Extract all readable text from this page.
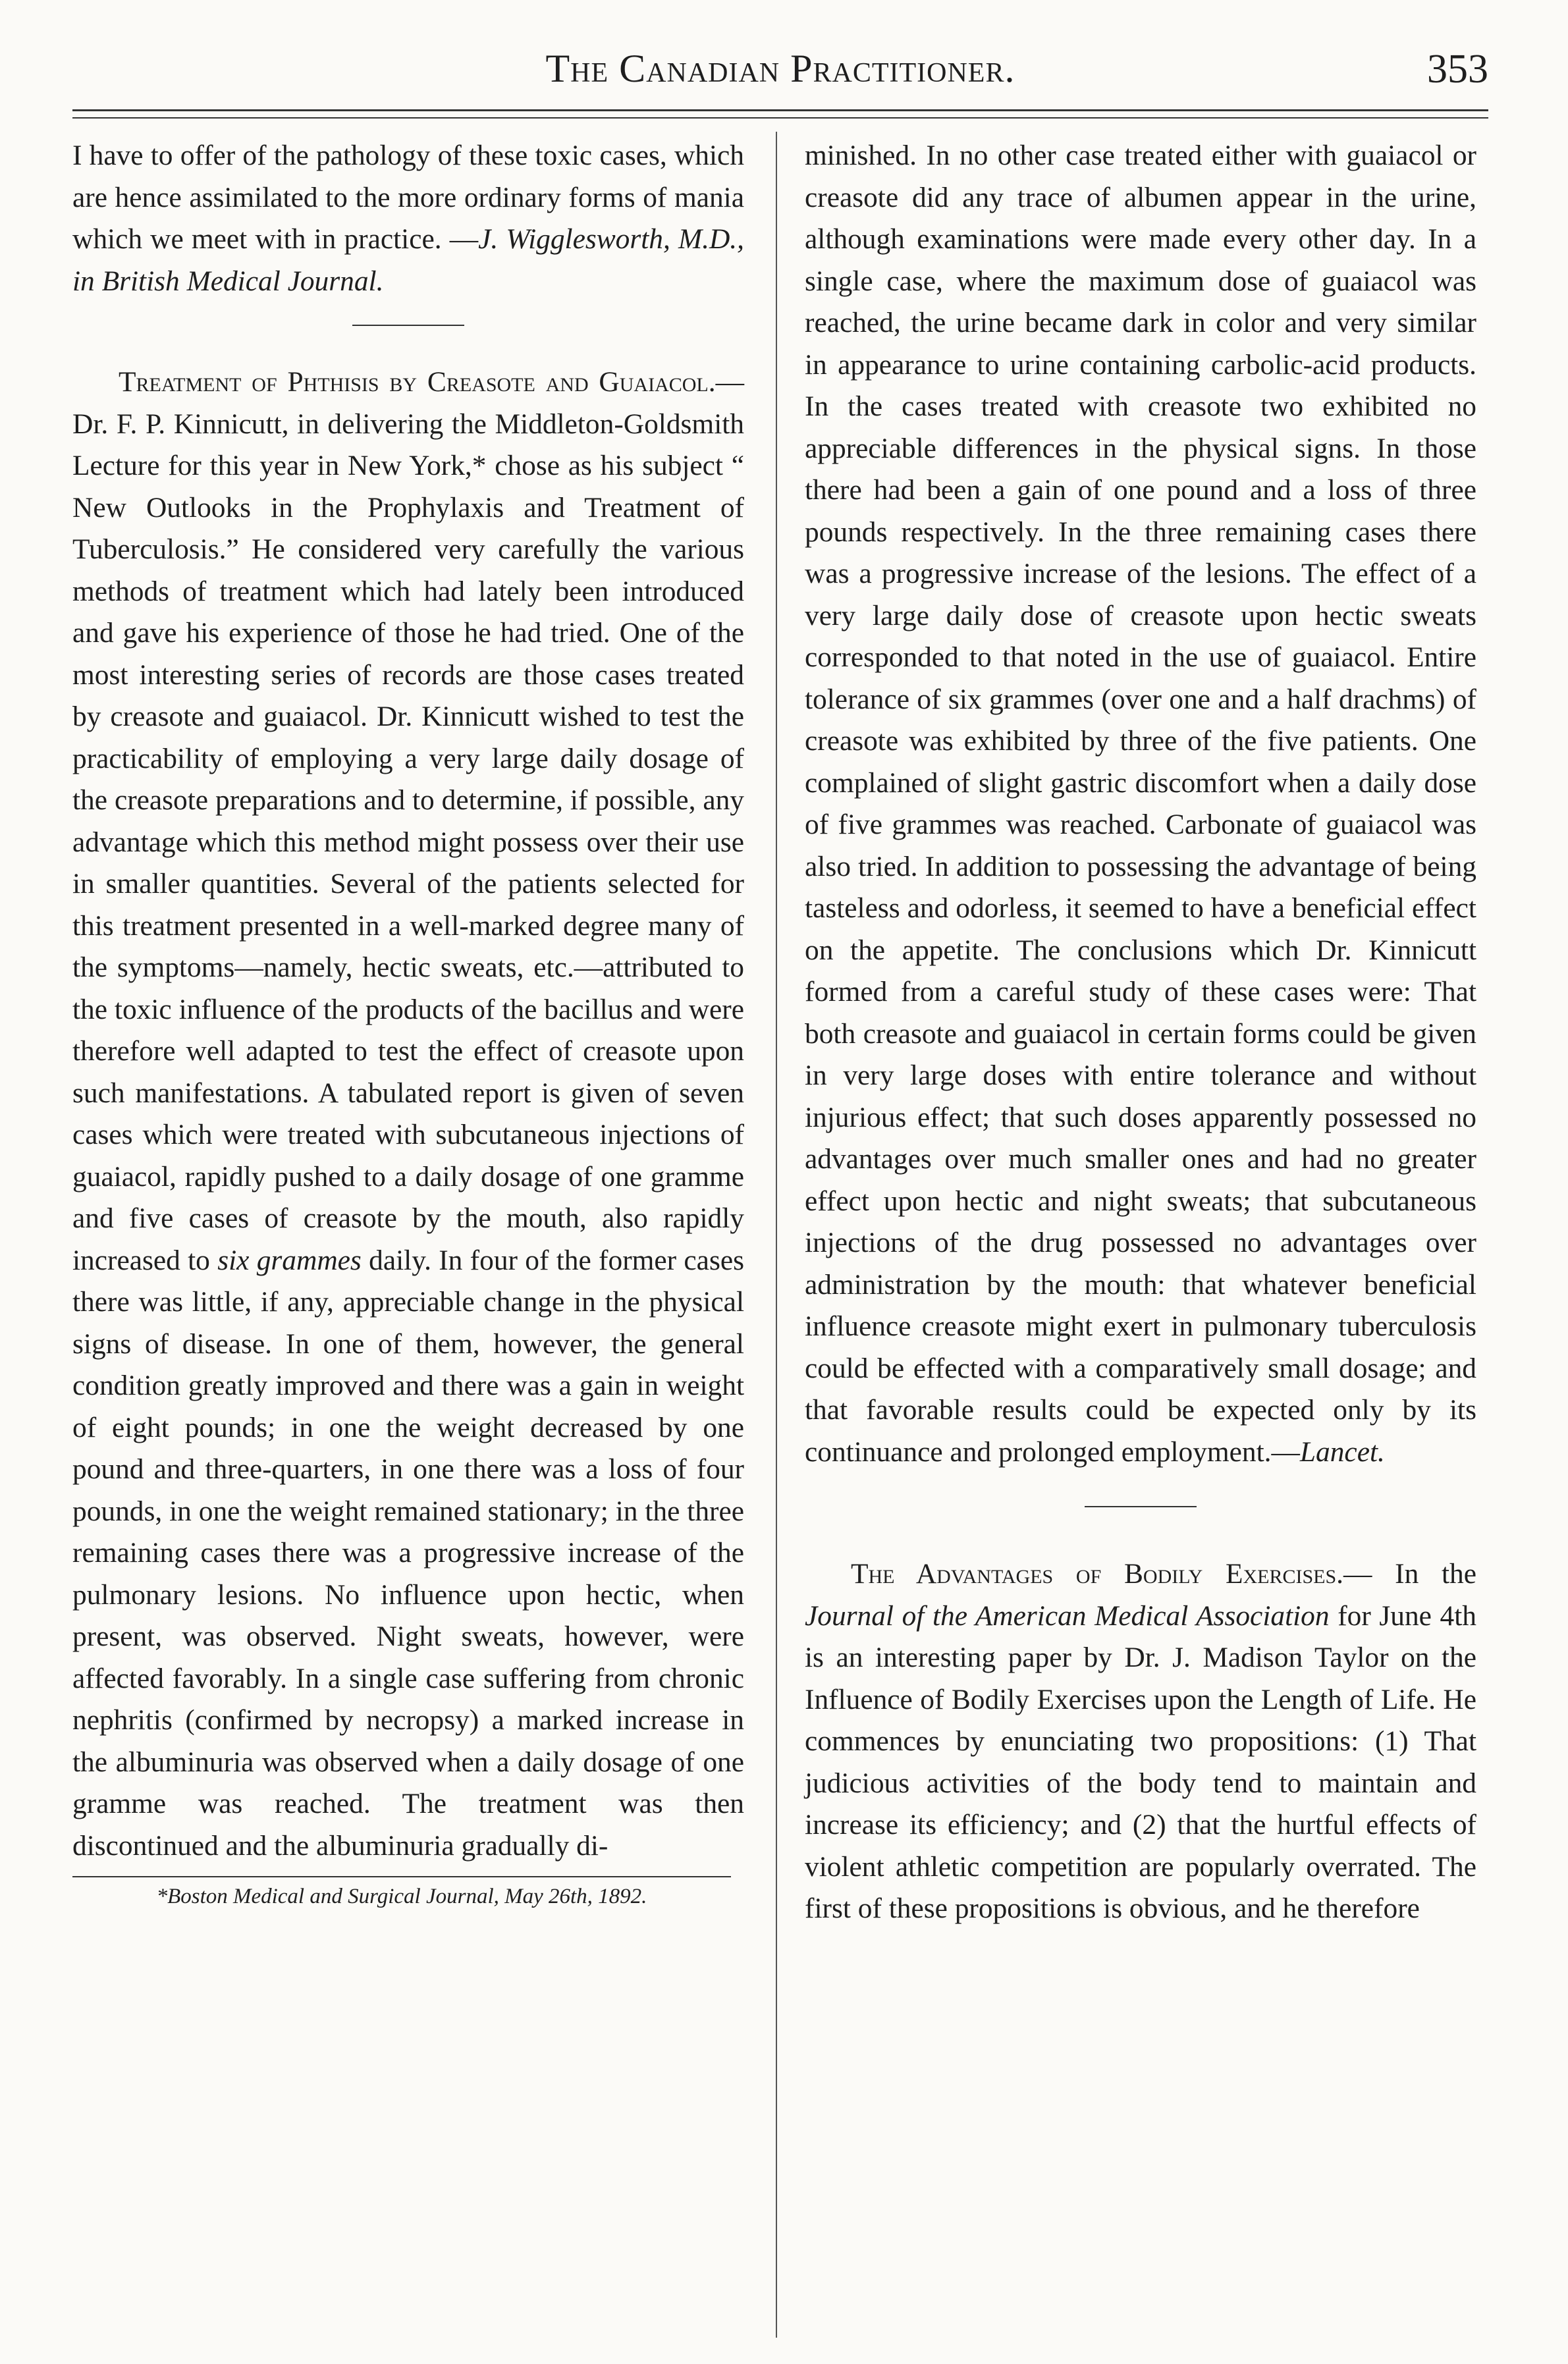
The Canadian Practitioner.	353

I have to offer of the pathology of these toxic cases, which are hence assimilated to the more ordinary forms of mania which we meet with in practice. —J. Wigglesworth, M.D., in British Medical Journal.

Treatment of Phthisis by Creasote and Guaiacol.—Dr. F. P. Kinnicutt, in delivering the Middleton-Goldsmith Lecture for this year in New York,* chose as his subject “ New Outlooks in the Prophylaxis and Treatment of Tuberculosis.” He considered very carefully the various methods of treatment which had lately been introduced and gave his experience of those he had tried. One of the most interesting series of records are those cases treated by creasote and guaiacol. Dr. Kinnicutt wished to test the practicability of employing a very large daily dosage of the creasote preparations and to determine, if possible, any advantage which this method might possess over their use in smaller quantities. Several of the patients selected for this treatment presented in a well-marked degree many of the symptoms—namely, hectic sweats, etc.—attributed to the toxic influence of the products of the bacillus and were therefore well adapted to test the effect of creasote upon such manifestations. A tabulated report is given of seven cases which were treated with subcutaneous injections of guaiacol, rapidly pushed to a daily dosage of one gramme and five cases of creasote by the mouth, also rapidly increased to six grammes daily. In four of the former cases there was little, if any, appreciable change in the physical signs of disease. In one of them, however, the general condition greatly improved and there was a gain in weight of eight pounds; in one the weight decreased by one pound and three-quarters, in one there was a loss of four pounds, in one the weight remained stationary; in the three remaining cases there was a progressive increase of the pulmonary lesions. No influence upon hectic, when present, was observed. Night sweats, however, were affected favorably. In a single case suffering from chronic nephritis (confirmed by necropsy) a marked increase in the albuminuria was observed when a daily dosage of one gramme was reached. The treatment was then discontinued and the albuminuria gradually di-

*Boston Medical and Surgical Journal, May 26th, 1892.

minished. In no other case treated either with guaiacol or creasote did any trace of albumen appear in the urine, although examinations were made every other day. In a single case, where the maximum dose of guaiacol was reached, the urine became dark in color and very similar in appearance to urine containing carbolic-acid products. In the cases treated with creasote two exhibited no appreciable differences in the physical signs. In those there had been a gain of one pound and a loss of three pounds respectively. In the three remaining cases there was a progressive increase of the lesions. The effect of a very large daily dose of creasote upon hectic sweats corresponded to that noted in the use of guaiacol. Entire tolerance of six grammes (over one and a half drachms) of creasote was exhibited by three of the five patients. One complained of slight gastric discomfort when a daily dose of five grammes was reached. Carbonate of guaiacol was also tried. In addition to possessing the advantage of being tasteless and odorless, it seemed to have a beneficial effect on the appetite. The conclusions which Dr. Kinnicutt formed from a careful study of these cases were: That both creasote and guaiacol in certain forms could be given in very large doses with entire tolerance and without injurious effect; that such doses apparently possessed no advantages over much smaller ones and had no greater effect upon hectic and night sweats; that subcutaneous injections of the drug possessed no advantages over administration by the mouth: that whatever beneficial influence creasote might exert in pulmonary tuberculosis could be effected with a comparatively small dosage; and that favorable results could be expected only by its continuance and prolonged employment.—Lancet.

The Advantages of Bodily Exercises.— In the Journal of the American Medical Association for June 4th is an interesting paper by Dr. J. Madison Taylor on the Influence of Bodily Exercises upon the Length of Life. He commences by enunciating two propositions: (1) That judicious activities of the body tend to maintain and increase its efficiency; and (2) that the hurtful effects of violent athletic competition are popularly overrated. The first of these propositions is obvious, and he therefore
